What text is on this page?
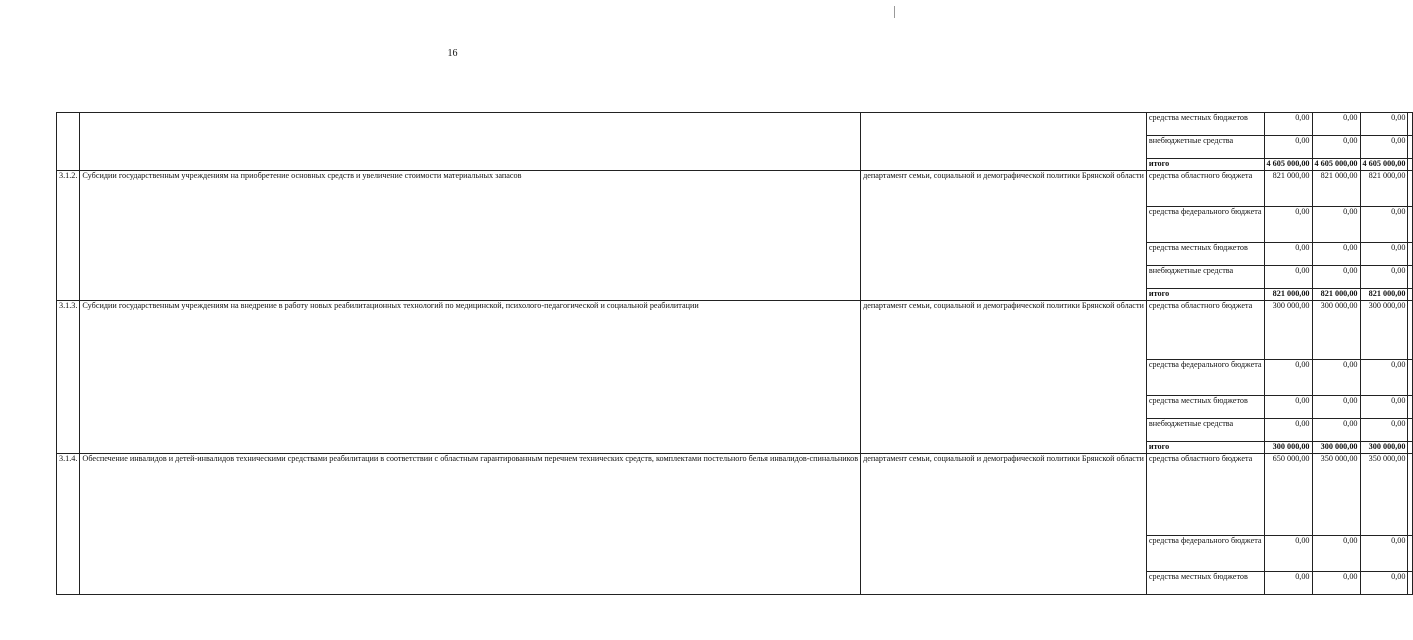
16
			средства местных бюджетов	0,00	0,00	0,00	
			внебюджетные средства	0,00	0,00	0,00	
			итого	4 605 000,00	4 605 000,00	4 605 000,00	
3.1.2.	Субсидии государственным учреждениям на приобретение основных средств и увеличение стоимости материальных запасов	департамент семьи, социальной и демографической политики Брянской области	средства областного бюджета	821 000,00	821 000,00	821 000,00	
			средства федерального бюджета	0,00	0,00	0,00	
			средства местных бюджетов	0,00	0,00	0,00	
			внебюджетные средства	0,00	0,00	0,00	
			итого	821 000,00	821 000,00	821 000,00	
3.1.3.	Субсидии государственным учреждениям на внедрение в работу новых реабилитационных технологий по медицинской, психолого-педагогической и социальной реабилитации	департамент семьи, социальной и демографической политики Брянской области	средства областного бюджета	300 000,00	300 000,00	300 000,00	
			средства федерального бюджета	0,00	0,00	0,00	
			средства местных бюджетов	0,00	0,00	0,00	
			внебюджетные средства	0,00	0,00	0,00	
			итого	300 000,00	300 000,00	300 000,00	
3.1.4.	Обеспечение инвалидов и детей-инвалидов техническими средствами реабилитации в соответствии с областным гарантированным перечнем технических средств, комплектами постельного белья инвалидов-спинальников	департамент семьи, социальной и демографической политики Брянской области	средства областного бюджета	650 000,00	350 000,00	350 000,00	
			средства федерального бюджета	0,00	0,00	0,00	
			средства местных бюджетов	0,00	0,00	0,00	
